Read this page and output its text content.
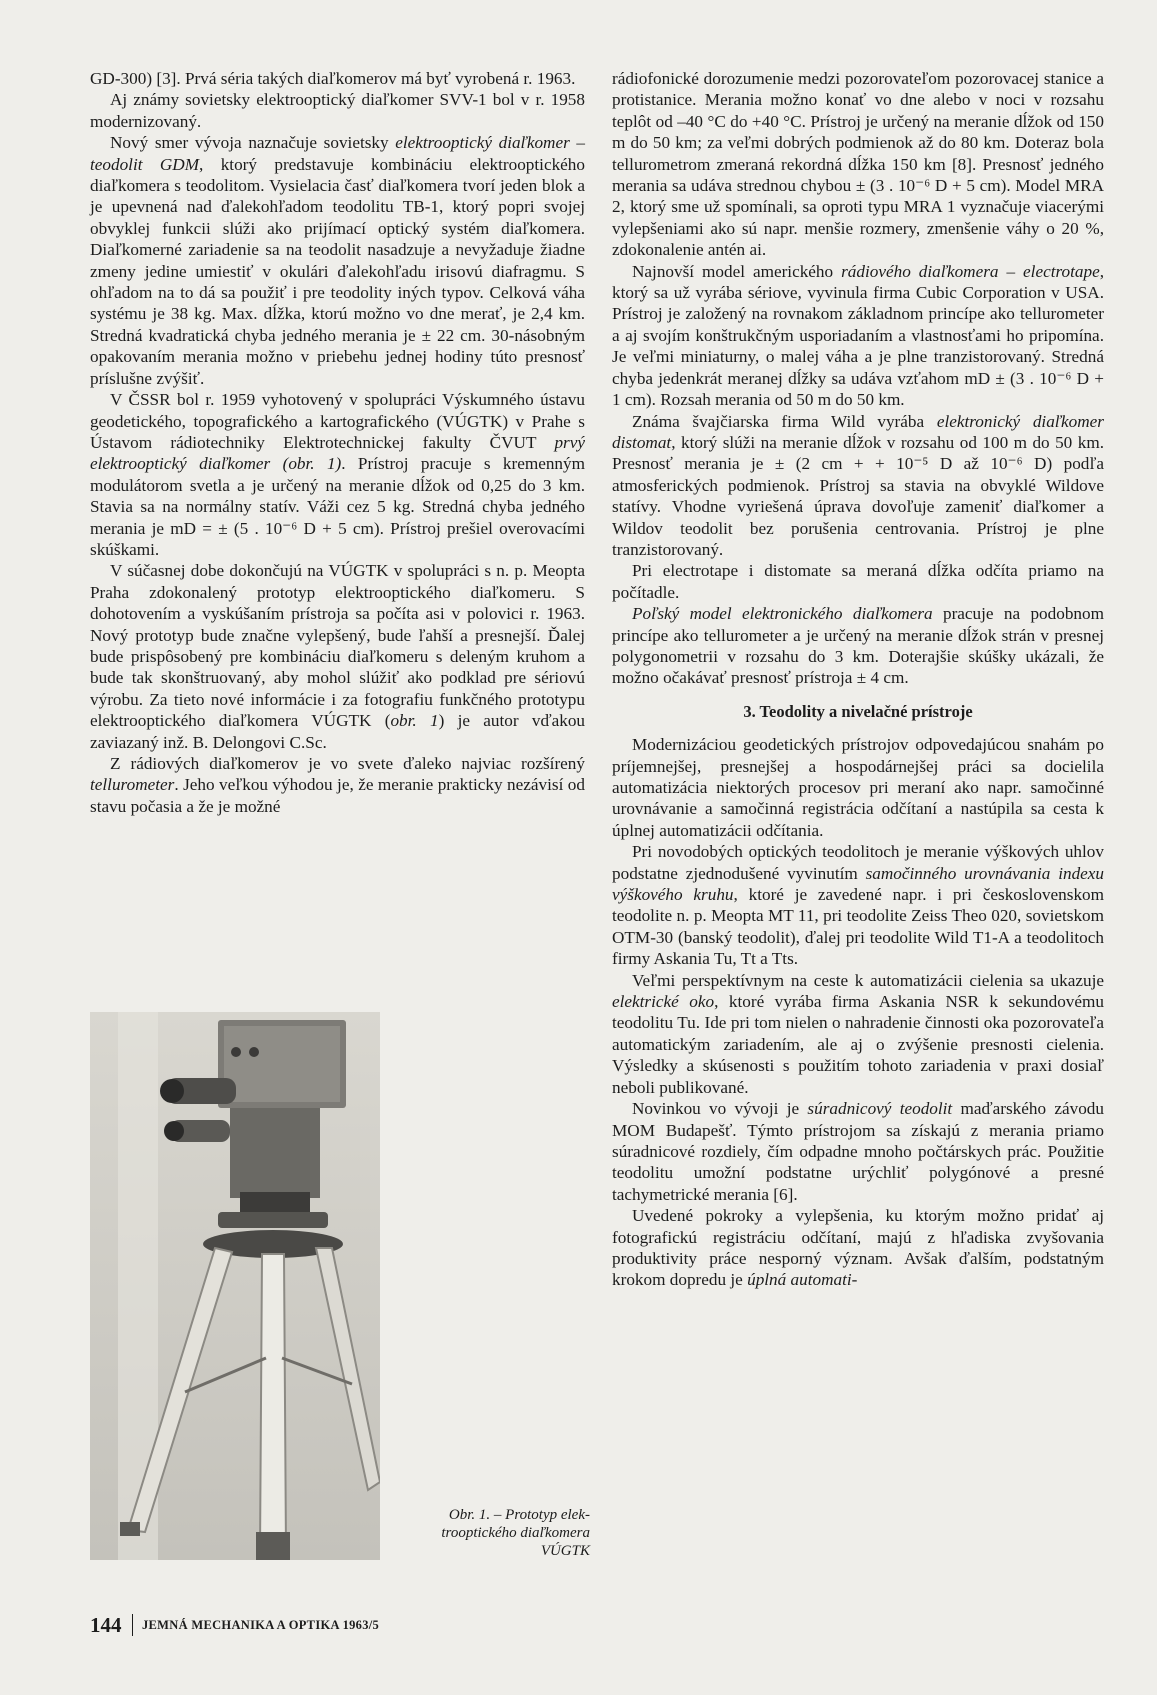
GD-300) [3]. Prvá séria takých diaľkomerov má byť vyrobená r. 1963.

Aj známy sovietsky elektrooptický diaľkomer SVV-1 bol v r. 1958 modernizovaný.

Nový smer vývoja naznačuje sovietsky elektrooptický diaľkomer – teodolit GDM, ktorý predstavuje kombináciu elektrooptického diaľkomera s teodolitom. Vysielacia časť diaľkomera tvorí jeden blok a je upevnená nad ďalekohľadom teodolitu TB-1, ktorý popri svojej obvyklej funkcii slúži ako prijímací optický systém diaľkomera. Diaľkomerné zariadenie sa na teodolit nasadzuje a nevyžaduje žiadne zmeny jedine umiestiť v okulári ďalekohľadu irisovú diafragmu. S ohľadom na to dá sa použiť i pre teodolity iných typov. Celková váha systému je 38 kg. Max. dĺžka, ktorú možno vo dne merať, je 2,4 km. Stredná kvadratická chyba jedného merania je ± 22 cm. 30-násobným opakovaním merania možno v priebehu jednej hodiny túto presnosť príslušne zvýšiť.

V ČSSR bol r. 1959 vyhotovený v spolupráci Výskumného ústavu geodetického, topografického a kartografického (VÚGTK) v Prahe s Ústavom rádiotechniky Elektrotechnickej fakulty ČVUT prvý elektrooptický diaľkomer (obr. 1). Prístroj pracuje s kremenným modulátorom svetla a je určený na meranie dĺžok od 0,25 do 3 km. Stavia sa na normálny statív. Váži cez 5 kg. Stredná chyba jedného merania je mD = ± (5 . 10⁻⁶ D + 5 cm). Prístroj prešiel overovacími skúškami.

V súčasnej dobe dokončujú na VÚGTK v spolupráci s n. p. Meopta Praha zdokonalený prototyp elektrooptického diaľkomeru. S dohotovením a vyskúšaním prístroja sa počíta asi v polovici r. 1963. Nový prototyp bude značne vylepšený, bude ľahší a presnejší. Ďalej bude prispôsobený pre kombináciu diaľkomeru s deleným kruhom a bude tak skonštruovaný, aby mohol slúžiť ako podklad pre sériovú výrobu. Za tieto nové informácie i za fotografiu funkčného prototypu elektrooptického diaľkomera VÚGTK (obr. 1) je autor vďakou zaviazaný inž. B. Delongovi C.Sc.

Z rádiových diaľkomerov je vo svete ďaleko najviac rozšírený tellurometer. Jeho veľkou výhodou je, že meranie prakticky nezávisí od stavu počasia a že je možné

Obr. 1. – Prototyp elek-
trooptického diaľkomera
VÚGTK

rádiofonické dorozumenie medzi pozorovateľom pozorovacej stanice a protistanice. Merania možno konať vo dne alebo v noci v rozsahu teplôt od –40 °C do +40 °C. Prístroj je určený na meranie dĺžok od 150 m do 50 km; za veľmi dobrých podmienok až do 80 km. Doteraz bola tellurometrom zmeraná rekordná dĺžka 150 km [8]. Presnosť jedného merania sa udáva strednou chybou ± (3 . 10⁻⁶ D + 5 cm). Model MRA 2, ktorý sme už spomínali, sa oproti typu MRA 1 vyznačuje viacerými vylepšeniami ako sú napr. menšie rozmery, zmenšenie váhy o 20 %, zdokonalenie antén ai.

Najnovší model amerického rádiového diaľkomera – electrotape, ktorý sa už vyrába sériove, vyvinula firma Cubic Corporation v USA. Prístroj je založený na rovnakom základnom princípe ako tellurometer a aj svojím konštrukčným usporiadaním a vlastnosťami ho pripomína. Je veľmi miniaturny, o malej váha a je plne tranzistorovaný. Stredná chyba jedenkrát meranej dĺžky sa udáva vzťahom mD ± (3 . 10⁻⁶ D + 1 cm). Rozsah merania od 50 m do 50 km.

Známa švajčiarska firma Wild vyrába elektronický diaľkomer distomat, ktorý slúži na meranie dĺžok v rozsahu od 100 m do 50 km. Presnosť merania je ± (2 cm + + 10⁻⁵ D až 10⁻⁶ D) podľa atmosferických podmienok. Prístroj sa stavia na obvyklé Wildove statívy. Vhodne vyriešená úprava dovoľuje zameniť diaľkomer a Wildov teodolit bez porušenia centrovania. Prístroj je plne tranzistorovaný.

Pri electrotape i distomate sa meraná dĺžka odčíta priamo na počítadle.

Poľský model elektronického diaľkomera pracuje na podobnom princípe ako tellurometer a je určený na meranie dĺžok strán v presnej polygonometrii v rozsahu do 3 km. Doterajšie skúšky ukázali, že možno očakávať presnosť prístroja ± 4 cm.

3. Teodolity a nivelačné prístroje

Modernizáciou geodetických prístrojov odpovedajúcou snahám po príjemnejšej, presnejšej a hospodárnejšej práci sa docielila automatizácia niektorých procesov pri meraní ako napr. samočinné urovnávanie a samočinná registrácia odčítaní a nastúpila sa cesta k úplnej automatizácii odčítania.

Pri novodobých optických teodolitoch je meranie výškových uhlov podstatne zjednodušené vyvinutím samočinného urovnávania indexu výškového kruhu, ktoré je zavedené napr. i pri československom teodolite n. p. Meopta MT 11, pri teodolite Zeiss Theo 020, sovietskom OTM-30 (banský teodolit), ďalej pri teodolite Wild T1-A a teodolitoch firmy Askania Tu, Tt a Tts.

Veľmi perspektívnym na ceste k automatizácii cielenia sa ukazuje elektrické oko, ktoré vyrába firma Askania NSR k sekundovému teodolitu Tu. Ide pri tom nielen o nahradenie činnosti oka pozorovateľa automatickým zariadením, ale aj o zvýšenie presnosti cielenia. Výsledky a skúsenosti s použitím tohoto zariadenia v praxi dosiaľ neboli publikované.

Novinkou vo vývoji je súradnicový teodolit maďarského závodu MOM Budapešť. Týmto prístrojom sa získajú z merania priamo súradnicové rozdiely, čím odpadne mnoho počtárskych prác. Použitie teodolitu umožní podstatne urýchliť polygónové a presné tachymetrické merania [6].

Uvedené pokroky a vylepšenia, ku ktorým možno pridať aj fotografickú registráciu odčítaní, majú z hľadiska zvyšovania produktivity práce nesporný význam. Avšak ďalším, podstatným krokom dopredu je úplná automati-

144 JEMNÁ MECHANIKA A OPTIKA 1963/5
